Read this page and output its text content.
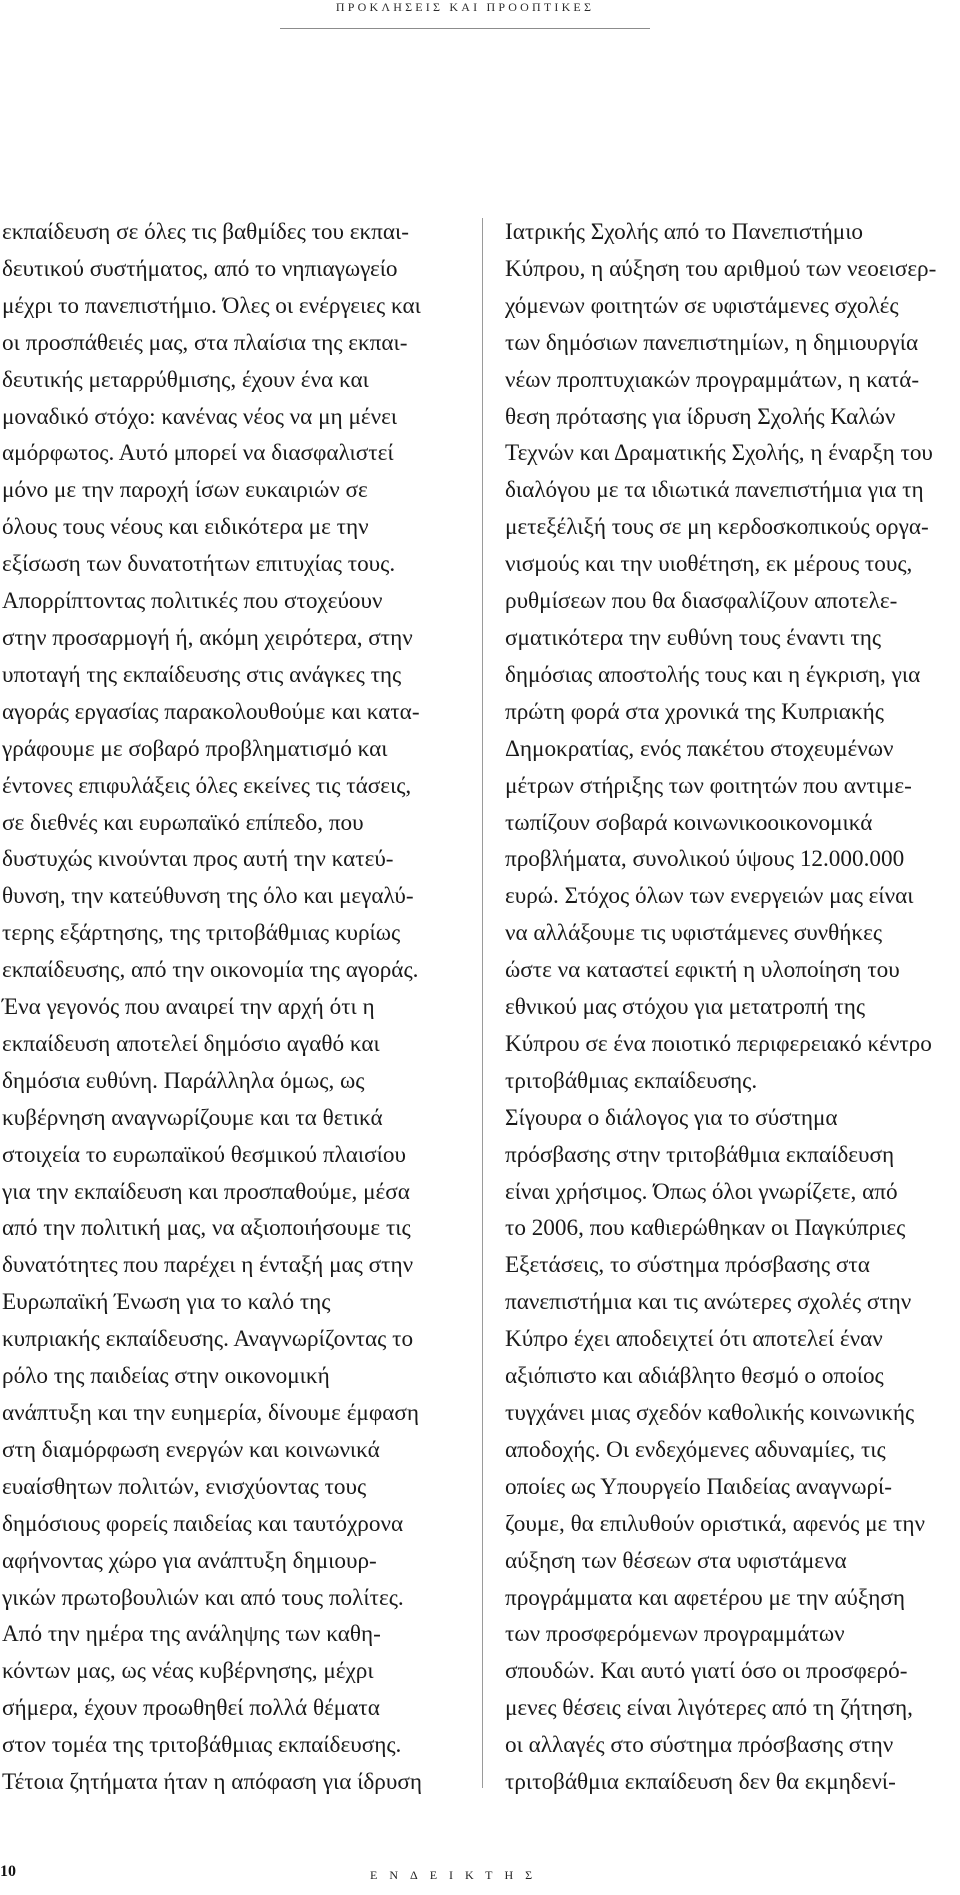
ΠΡΟΚΛΗΣΕΙΣ ΚΑΙ ΠΡΟΟΠΤΙΚΕΣ
εκπαίδευση σε όλες τις βαθμίδες του εκπαι-
δευτικού συστήματος, από το νηπιαγωγείο
μέχρι το πανεπιστήμιο. Όλες οι ενέργειες και
οι προσπάθειές μας, στα πλαίσια της εκπαι-
δευτικής μεταρρύθμισης, έχουν ένα και
μοναδικό στόχο: κανένας νέος να μη μένει
αμόρφωτος. Αυτό μπορεί να διασφαλιστεί
μόνο με την παροχή ίσων ευκαιριών σε
όλους τους νέους και ειδικότερα με την
εξίσωση των δυνατοτήτων επιτυχίας τους.
Απορρίπτοντας πολιτικές που στοχεύουν
στην προσαρμογή ή, ακόμη χειρότερα, στην
υποταγή της εκπαίδευσης στις ανάγκες της
αγοράς εργασίας παρακολουθούμε και κατα-
γράφουμε με σοβαρό προβληματισμό και
έντονες επιφυλάξεις όλες εκείνες τις τάσεις,
σε διεθνές και ευρωπαϊκό επίπεδο, που
δυστυχώς κινούνται προς αυτή την κατεύ-
θυνση, την κατεύθυνση της όλο και μεγαλύ-
τερης εξάρτησης, της τριτοβάθμιας κυρίως
εκπαίδευσης, από την οικονομία της αγοράς.
Ένα γεγονός που αναιρεί την αρχή ότι η
εκπαίδευση αποτελεί δημόσιο αγαθό και
δημόσια ευθύνη. Παράλληλα όμως, ως
κυβέρνηση αναγνωρίζουμε και τα θετικά
στοιχεία το ευρωπαϊκού θεσμικού πλαισίου
για την εκπαίδευση και προσπαθούμε, μέσα
από την πολιτική μας, να αξιοποιήσουμε τις
δυνατότητες που παρέχει η ένταξή μας στην
Ευρωπαϊκή Ένωση για το καλό της
κυπριακής εκπαίδευσης. Αναγνωρίζοντας το
ρόλο της παιδείας στην οικονομική
ανάπτυξη και την ευημερία, δίνουμε έμφαση
στη διαμόρφωση ενεργών και κοινωνικά
ευαίσθητων πολιτών, ενισχύοντας τους
δημόσιους φορείς παιδείας και ταυτόχρονα
αφήνοντας χώρο για ανάπτυξη δημιουρ-
γικών πρωτοβουλιών και από τους πολίτες.
Από την ημέρα της ανάληψης των καθη-
κόντων μας, ως νέας κυβέρνησης, μέχρι
σήμερα, έχουν προωθηθεί πολλά θέματα
στον τομέα της τριτοβάθμιας εκπαίδευσης.
Τέτοια ζητήματα ήταν η απόφαση για ίδρυση
Ιατρικής Σχολής από το Πανεπιστήμιο
Κύπρου, η αύξηση του αριθμού των νεοεισερ-
χόμενων φοιτητών σε υφιστάμενες σχολές
των δημόσιων πανεπιστημίων, η δημιουργία
νέων προπτυχιακών προγραμμάτων, η κατά-
θεση πρότασης για ίδρυση Σχολής Καλών
Τεχνών και Δραματικής Σχολής, η έναρξη του
διαλόγου με τα ιδιωτικά πανεπιστήμια για τη
μετεξέλιξή τους σε μη κερδοσκοπικούς οργα-
νισμούς και την υιοθέτηση, εκ μέρους τους,
ρυθμίσεων που θα διασφαλίζουν αποτελε-
σματικότερα την ευθύνη τους έναντι της
δημόσιας αποστολής τους και η έγκριση, για
πρώτη φορά στα χρονικά της Κυπριακής
Δημοκρατίας, ενός πακέτου στοχευμένων
μέτρων στήριξης των φοιτητών που αντιμε-
τωπίζουν σοβαρά κοινωνικοοικονομικά
προβλήματα, συνολικού ύψους 12.000.000
ευρώ. Στόχος όλων των ενεργειών μας είναι
να αλλάξουμε τις υφιστάμενες συνθήκες
ώστε να καταστεί εφικτή η υλοποίηση του
εθνικού μας στόχου για μετατροπή της
Κύπρου σε ένα ποιοτικό περιφερειακό κέντρο
τριτοβάθμιας εκπαίδευσης.
Σίγουρα ο διάλογος για το σύστημα
πρόσβασης στην τριτοβάθμια εκπαίδευση
είναι χρήσιμος. Όπως όλοι γνωρίζετε, από
το 2006, που καθιερώθηκαν οι Παγκύπριες
Εξετάσεις, το σύστημα πρόσβασης στα
πανεπιστήμια και τις ανώτερες σχολές στην
Κύπρο έχει αποδειχτεί ότι αποτελεί έναν
αξιόπιστο και αδιάβλητο θεσμό ο οποίος
τυγχάνει μιας σχεδόν καθολικής κοινωνικής
αποδοχής. Οι ενδεχόμενες αδυναμίες, τις
οποίες ως Υπουργείο Παιδείας αναγνωρί-
ζουμε, θα επιλυθούν οριστικά, αφενός με την
αύξηση των θέσεων στα υφιστάμενα
προγράμματα και αφετέρου με την αύξηση
των προσφερόμενων προγραμμάτων
σπουδών. Και αυτό γιατί όσο οι προσφερό-
μενες θέσεις είναι λιγότερες από τη ζήτηση,
οι αλλαγές στο σύστημα πρόσβασης στην
τριτοβάθμια εκπαίδευση δεν θα εκμηδενί-
10	ΕΝΔΕΙΚΤΗΣ
